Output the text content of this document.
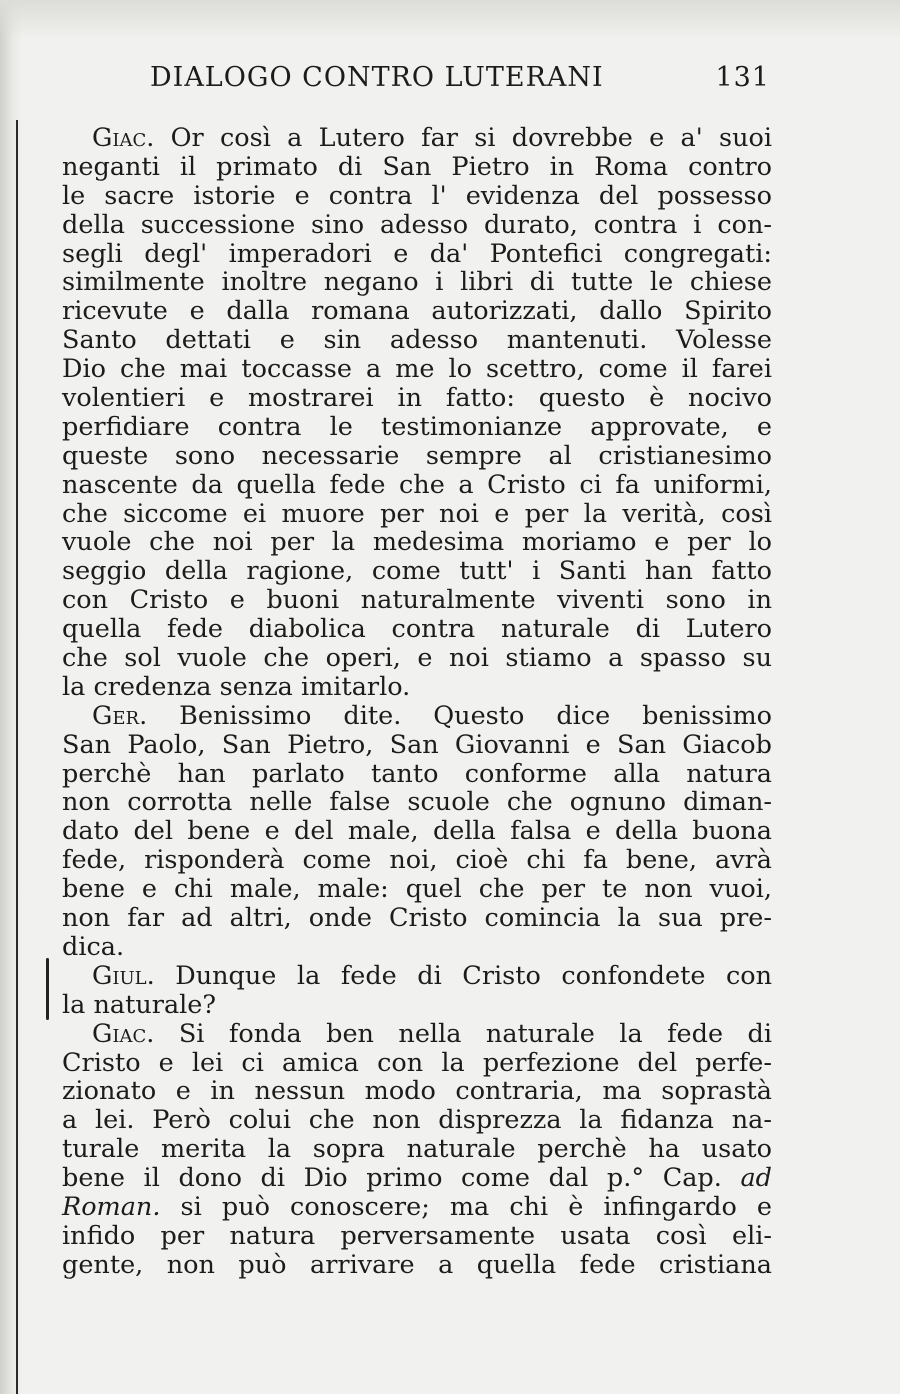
DIALOGO CONTRO LUTERANI	131
Giac. Or così a Lutero far si dovrebbe e a' suoi
neganti il primato di San Pietro in Roma contro
le sacre istorie e contra l' evidenza del possesso
della successione sino adesso durato, contra i con-
segli degl' imperadori e da' Pontefici congregati:
similmente inoltre negano i libri di tutte le chiese
ricevute e dalla romana autorizzati, dallo Spirito
Santo dettati e sin adesso mantenuti. Volesse
Dio che mai toccasse a me lo scettro, come il farei
volentieri e mostrarei in fatto: questo è nocivo
perfidiare contra le testimonianze approvate, e
queste sono necessarie sempre al cristianesimo
nascente da quella fede che a Cristo ci fa uniformi,
che siccome ei muore per noi e per la verità, così
vuole che noi per la medesima moriamo e per lo
seggio della ragione, come tutt' i Santi han fatto
con Cristo e buoni naturalmente viventi sono in
quella fede diabolica contra naturale di Lutero
che sol vuole che operi, e noi stiamo a spasso su
la credenza senza imitarlo.
Ger. Benissimo dite. Questo dice benissimo
San Paolo, San Pietro, San Giovanni e San Giacob
perchè han parlato tanto conforme alla natura
non corrotta nelle false scuole che ognuno diman-
dato del bene e del male, della falsa e della buona
fede, risponderà come noi, cioè chi fa bene, avrà
bene e chi male, male: quel che per te non vuoi,
non far ad altri, onde Cristo comincia la sua pre-
dica.
Giul. Dunque la fede di Cristo confondete con
la naturale?
Giac. Si fonda ben nella naturale la fede di
Cristo e lei ci amica con la perfezione del perfe-
zionato e in nessun modo contraria, ma soprastà
a lei. Però colui che non disprezza la fidanza na-
turale merita la sopra naturale perchè ha usato
bene il dono di Dio primo come dal p.° Cap. ad
Roman. si può conoscere; ma chi è infingardo e
infido per natura perversamente usata così eli-
gente, non può arrivare a quella fede cristiana
